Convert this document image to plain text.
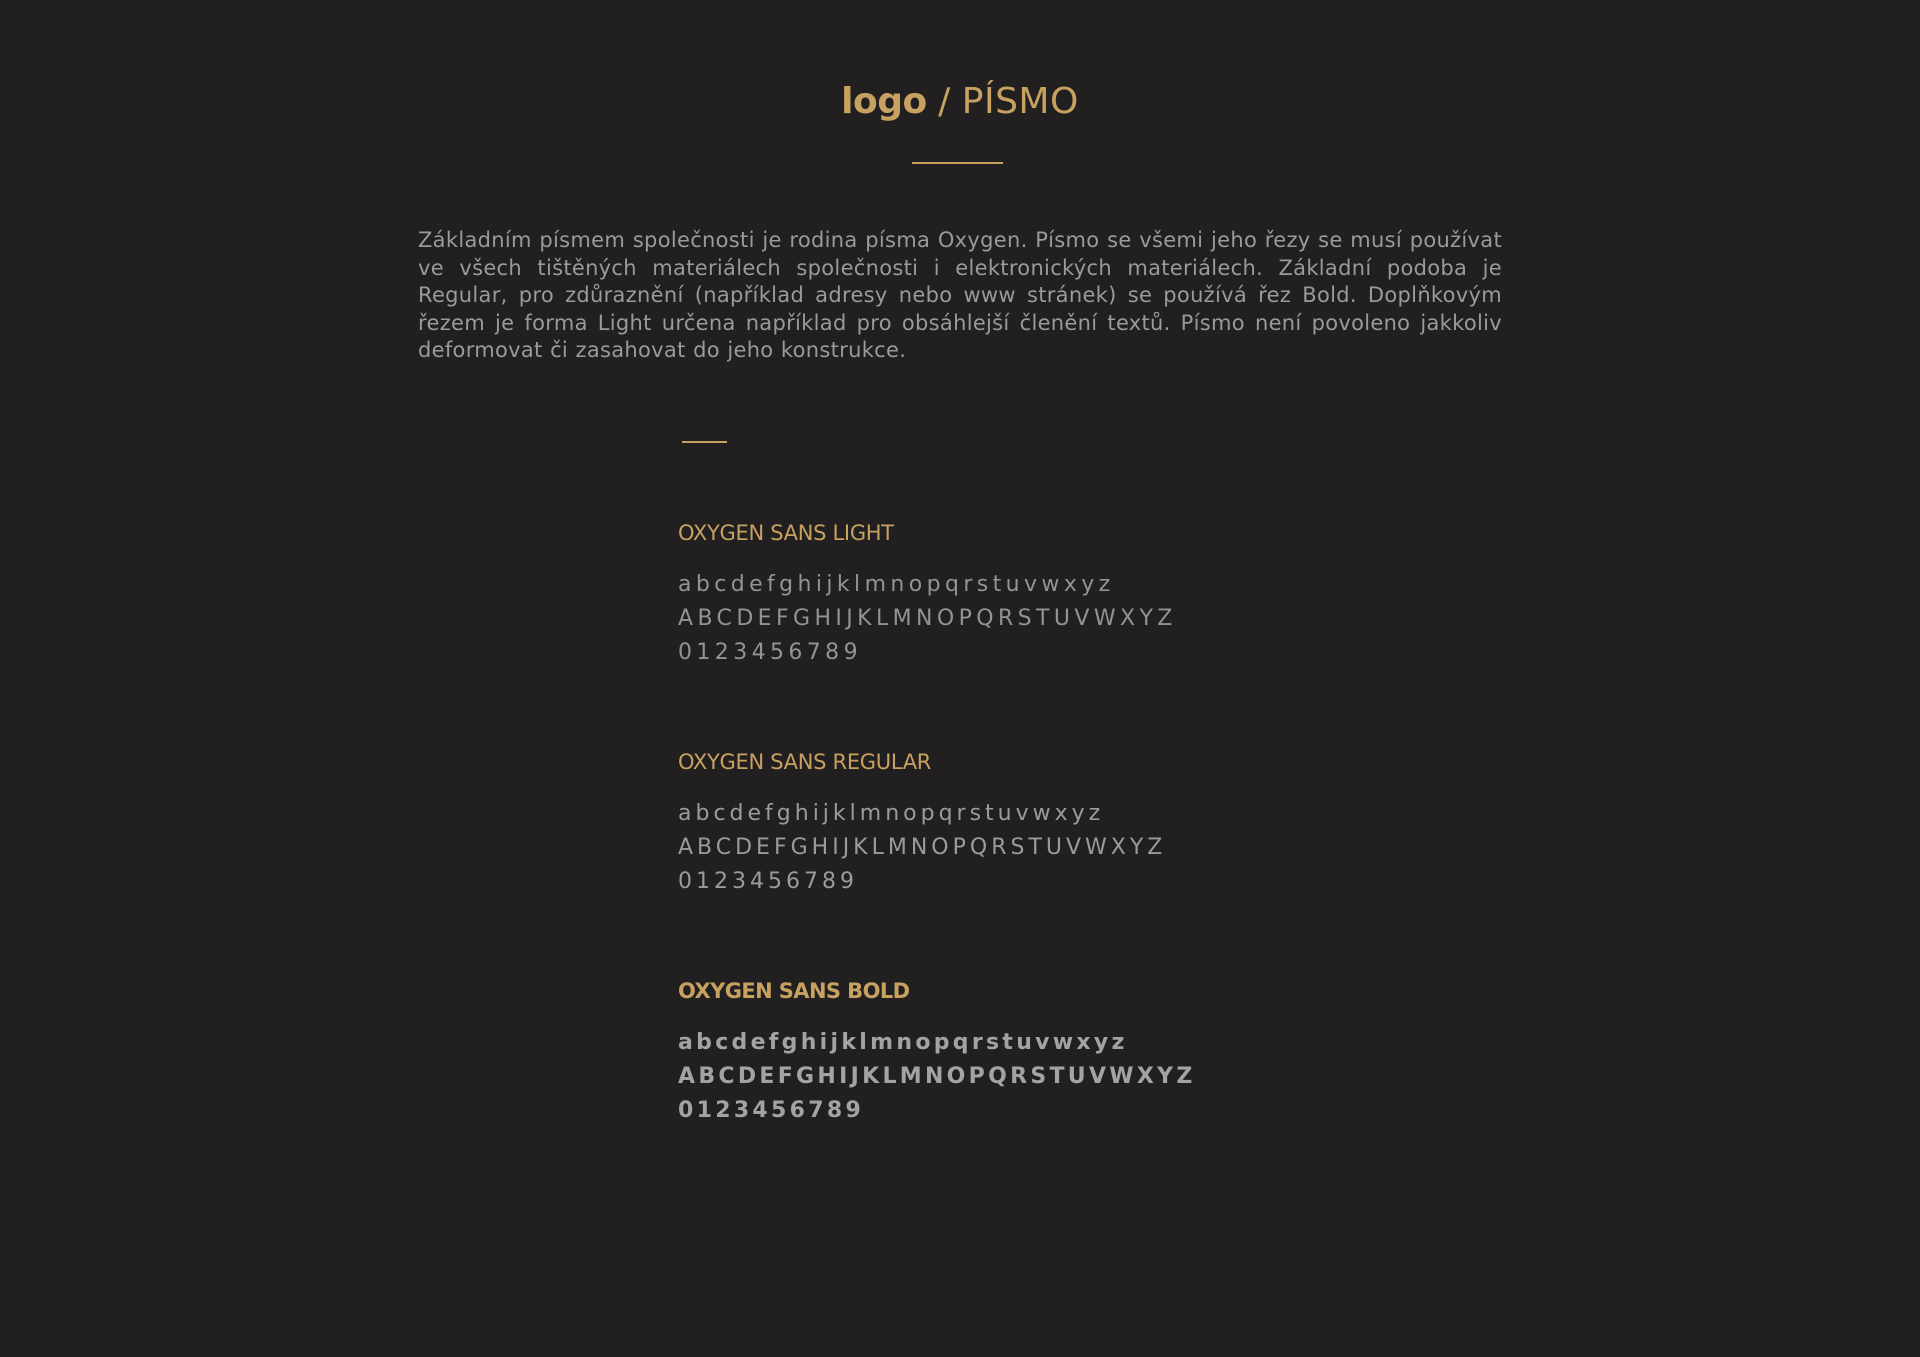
logo / PÍSMO

Základním písmem společnosti je rodina písma Oxygen. Písmo se všemi jeho řezy se musí používat ve všech tištěných materiálech společnosti i elektronických materiálech. Základní podoba je Regular, pro zdůraznění (například adresy nebo www stránek) se používá řez Bold. Doplňkovým řezem je forma Light určena například pro obsáhlejší členění textů. Písmo není povoleno jakkoliv deformovat či zasahovat do jeho konstrukce.

OXYGEN SANS LIGHT

abcdefghijklmnopqrstuvwxyz

ABCDEFGHIJKLMNOPQRSTUVWXYZ

0123456789

OXYGEN SANS REGULAR

abcdefghijklmnopqrstuvwxyz

ABCDEFGHIJKLMNOPQRSTUVWXYZ

0123456789

OXYGEN SANS BOLD

abcdefghijklmnopqrstuvwxyz

ABCDEFGHIJKLMNOPQRSTUVWXYZ

0123456789
